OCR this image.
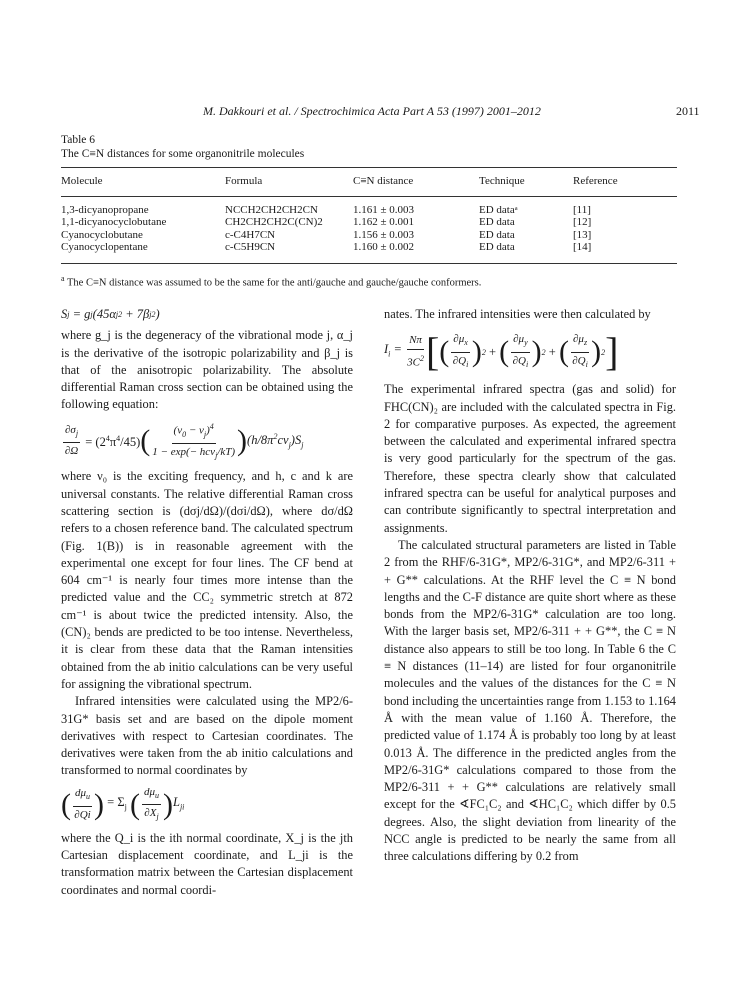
M. Dakkouri et al. / Spectrochimica Acta Part A 53 (1997) 2001–2012	2011
Table 6
The C≡N distances for some organonitrile molecules
Molecule	Formula	C≡N distance	Technique	Reference

1,3-dicyanopropane	NCCH2CH2CH2CN	1.161 ± 0.003	ED dataᵃ	[11]
1,1-dicyanocyclobutane	CH2CH2CH2C(CN)2	1.162 ± 0.001	ED data	[12]
Cyanocyclobutane	c-C4H7CN	1.156 ± 0.003	ED data	[13]
Cyanocyclopentane	c-C5H9CN	1.160 ± 0.002	ED data	[14]
$^a$ The C≡N distance was assumed to be the same for the anti/gauche and gauche/gauche conformers.
S j = g j (45α j 2 + 7β j 2 )

where g_j is the degeneracy of the vibrational mode j, α_j is the derivative of the isotropic polarizability and β_j is that of the anisotropic polarizability. The absolute differential Raman cross section can be obtained using the following equation:

$\frac{\partial\sigma_j}{\partial\Omega} = (2^4\pi^4/45)$ ( $\frac{(\nu_0 - \nu_j)^4}{1 - \exp(- hc\nu_j/kT)}$ ) $(h/8\pi^2c\nu_j)S_j$

where ν₀ is the exciting frequency, and h, c and k are universal constants. The relative differential Raman cross scattering section is (dσj/dΩ)/(dσi/dΩ), where dσ/dΩ refers to a chosen reference band. The calculated spectrum (Fig. 1(B)) is in reasonable agreement with the experimental one except for four lines. The CF bend at 604 cm⁻¹ is nearly four times more intense than the predicted value and the CC₂ symmetric stretch at 872 cm⁻¹ is about twice the predicted intensity. Also, the (CN)₂ bends are predicted to be too intense. Nevertheless, it is clear from these data that the Raman intensities obtained from the ab initio calculations can be very useful for assigning the vibrational spectrum.

Infrared intensities were calculated using the MP2/6-31G* basis set and are based on the dipole moment derivatives with respect to Cartesian coordinates. The derivatives were taken from the ab initio calculations and transformed to normal coordinates by

( $\frac{d\mu_u}{\partial Qi}$ ) = $\Sigma_j$ ( $\frac{d\mu_u}{\partial X_j}$ ) $L_{ji}$

where the Q_i is the ith normal coordinate, X_j is the jth Cartesian displacement coordinate, and L_ji is the transformation matrix between the Cartesian displacement coordinates and normal coordi-

nates. The infrared intensities were then calculated by

$I_i = \frac{N\pi}{3C^2}$ [ ( $\frac{\partial\mu_x}{\partial Q_i}$ ) 2 + ( $\frac{\partial\mu_y}{\partial Q_i}$ ) 2 + ( $\frac{\partial\mu_z}{\partial Q_i}$ ) 2 ]

The experimental infrared spectra (gas and solid) for FHC(CN)₂ are included with the calculated spectra in Fig. 2 for comparative purposes. As expected, the agreement between the calculated and experimental infrared spectra is very good particularly for the spectrum of the gas. Therefore, these spectra clearly show that calculated infrared spectra can be useful for analytical purposes and can contribute significantly to spectral interpretation and assignments.

The calculated structural parameters are listed in Table 2 from the RHF/6-31G*, MP2/6-31G*, and MP2/6-311 + + G** calculations. At the RHF level the C ≡ N bond lengths and the C-F distance are quite short where as these bonds from the MP2/6-31G* calculation are too long. With the larger basis set, MP2/6-311 + + G**, the C ≡ N distance also appears to still be too long. In Table 6 the C ≡ N distances (11–14) are listed for four organonitrile molecules and the values of the distances for the C ≡ N bond including the uncertainties range from 1.153 to 1.164 Å with the mean value of 1.160 Å. Therefore, the predicted value of 1.174 Å is probably too long by at least 0.013 Å. The difference in the predicted angles from the MP2/6-31G* calculations compared to those from the MP2/6-311 + + G** calculations are relatively small except for the ∢FC₁C₂ and ∢HC₁C₂ which differ by 0.5 degrees. Also, the slight deviation from linearity of the NCC angle is predicted to be nearly the same from all three calculations differing by 0.2 from
